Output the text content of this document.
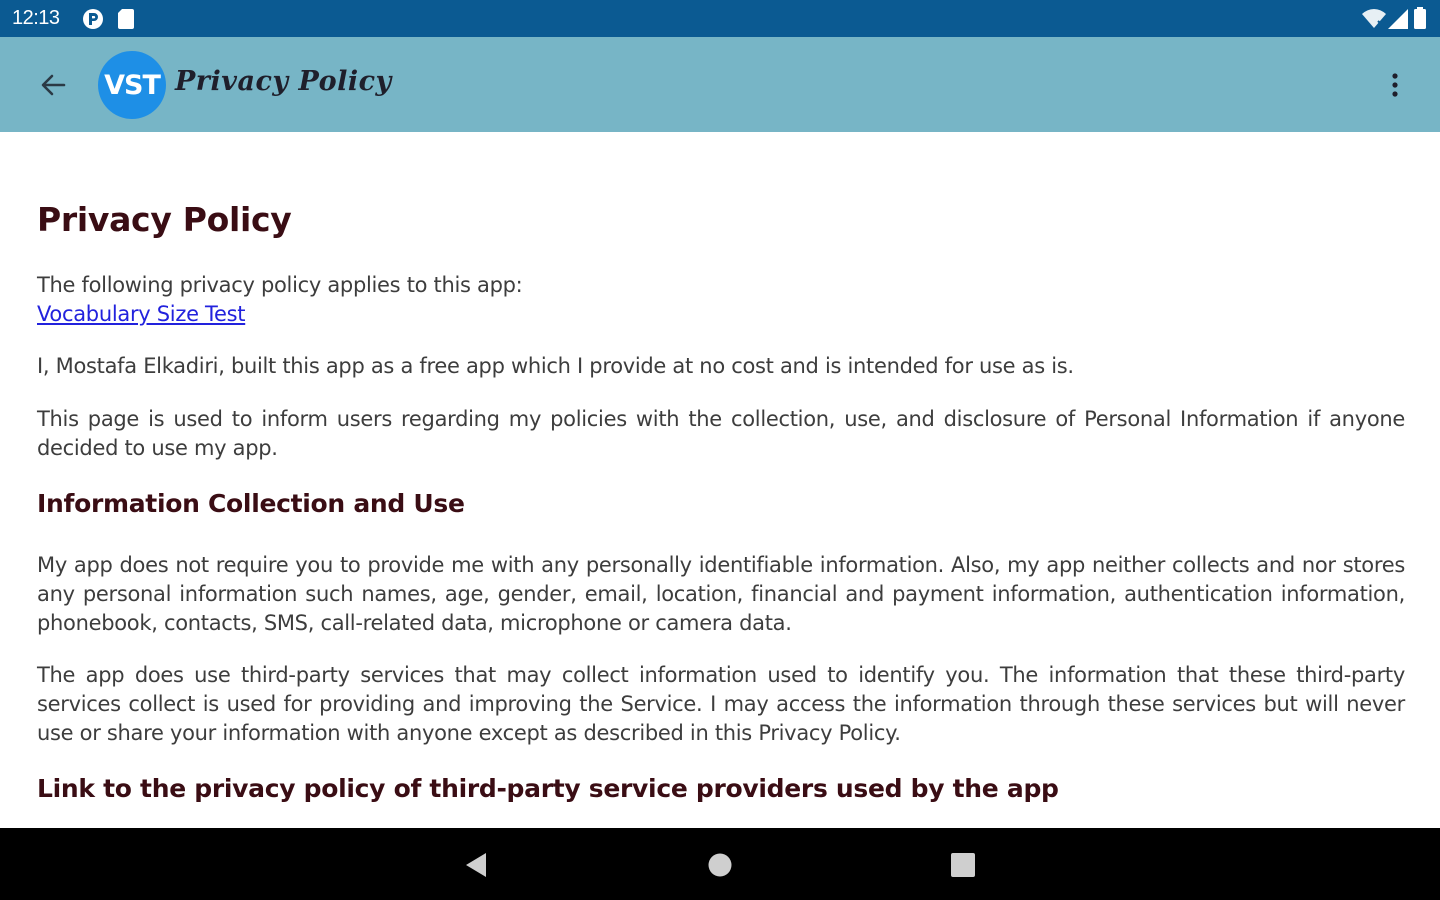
12:13
VST Privacy Policy
Privacy Policy

The following privacy policy applies to this app:
Vocabulary Size Test

I, Mostafa Elkadiri, built this app as a free app which I provide at no cost and is intended for use as is.

This page is used to inform users regarding my policies with the collection, use, and disclosure of Personal Information if anyone decided to use my app.

Information Collection and Use

My app does not require you to provide me with any personally identifiable information. Also, my app neither collects and nor stores any personal information such names, age, gender, email, location, financial and payment information, authentication information, phonebook, contacts, SMS, call-related data, microphone or camera data.

The app does use third-party services that may collect information used to identify you. The information that these third-party services collect is used for providing and improving the Service. I may access the information through these services but will never use or share your information with anyone except as described in this Privacy Policy.

Link to the privacy policy of third-party service providers used by the app
